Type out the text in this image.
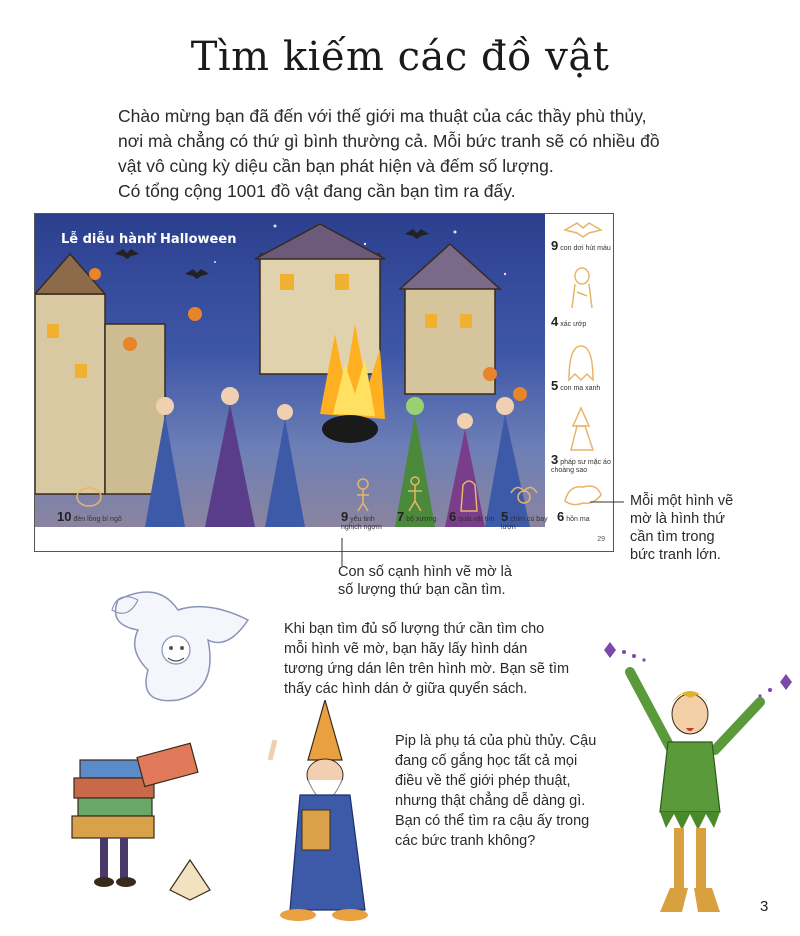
Tìm kiếm các đồ vật

Chào mừng bạn đã đến với thế giới ma thuật của các thầy phù thủy,

nơi mà chẳng có thứ gì bình thường cả. Mỗi bức tranh sẽ có nhiều đồ

vật vô cùng kỳ diệu cần bạn phát hiện và đếm số lượng.

Có tổng cộng 1001 đồ vật đang cần bạn tìm ra đấy.

Lễ diễu hành Halloween	9 con dơi hút máu
4 xác ướp
5 con ma xanh
3 pháp sư mặc áo choàng sao
10 đèn lồng bí ngô	9 yêu tinh nghịch ngợm
7 bộ xương 6 quái vật tím 5 chim cú bay lượn
6 hồn ma
29
Mỗi một hình vẽ
mờ là hình thứ
cần tìm trong
bức tranh lớn.
Con số cạnh hình vẽ mờ là
số lượng thứ bạn cần tìm.
Khi bạn tìm đủ số lượng thứ cần tìm cho
mỗi hình vẽ mờ, bạn hãy lấy hình dán
tương ứng dán lên trên hình mờ. Bạn sẽ tìm
thấy các hình dán ở giữa quyển sách.
Pip là phụ tá của phù thủy. Cậu
đang cố gắng học tất cả mọi
điều về thế giới phép thuật,
nhưng thật chẳng dễ dàng gì.
Bạn có thể tìm ra cậu ấy trong
các bức tranh không?
3
